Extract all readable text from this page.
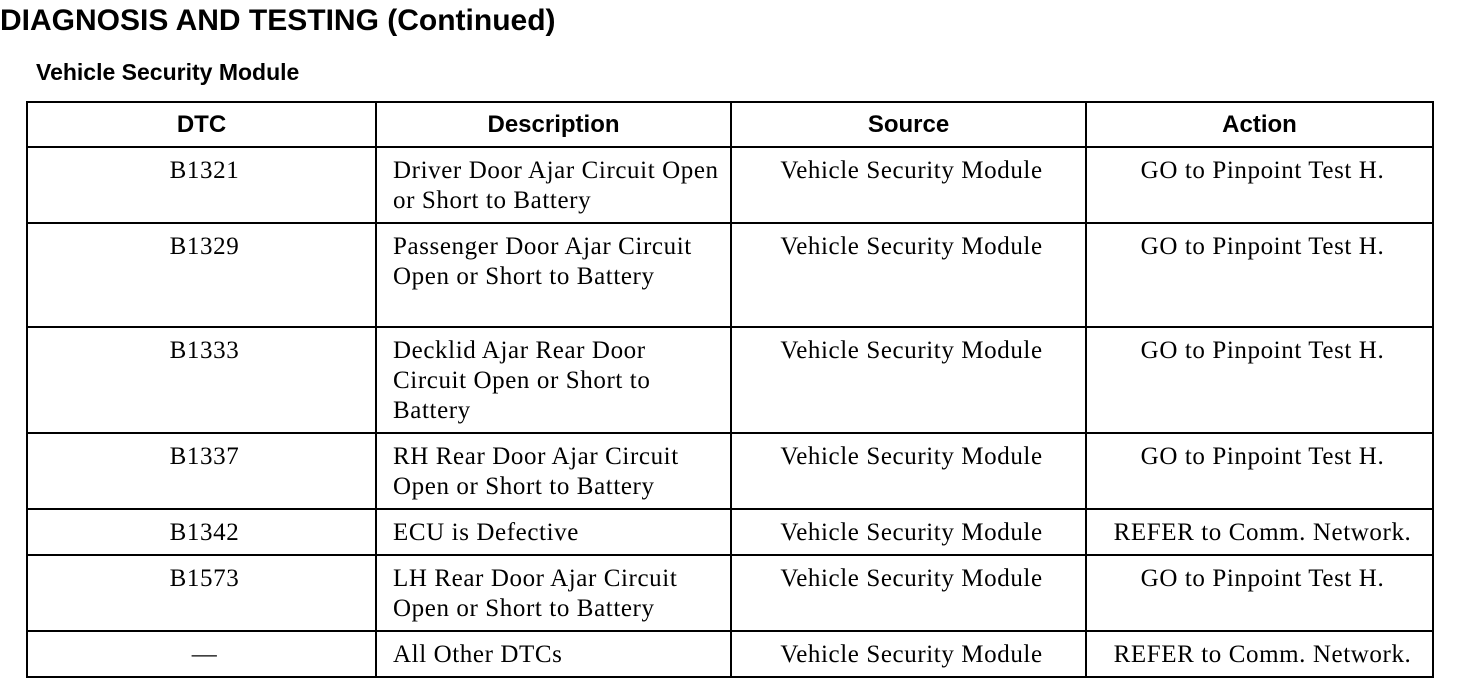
DIAGNOSIS AND TESTING (Continued)
Vehicle Security Module
DTC	Description	Source	Action
B1321	Driver Door Ajar Circuit Open or Short to Battery	Vehicle Security Module	GO to Pinpoint Test H.
B1329	Passenger Door Ajar Circuit Open or Short to Battery	Vehicle Security Module	GO to Pinpoint Test H.
B1333	Decklid Ajar Rear Door Circuit Open or Short to Battery	Vehicle Security Module	GO to Pinpoint Test H.
B1337	RH Rear Door Ajar Circuit Open or Short to Battery	Vehicle Security Module	GO to Pinpoint Test H.
B1342	ECU is Defective	Vehicle Security Module	REFER to Comm. Network.
B1573	LH Rear Door Ajar Circuit Open or Short to Battery	Vehicle Security Module	GO to Pinpoint Test H.
—	All Other DTCs	Vehicle Security Module	REFER to Comm. Network.
